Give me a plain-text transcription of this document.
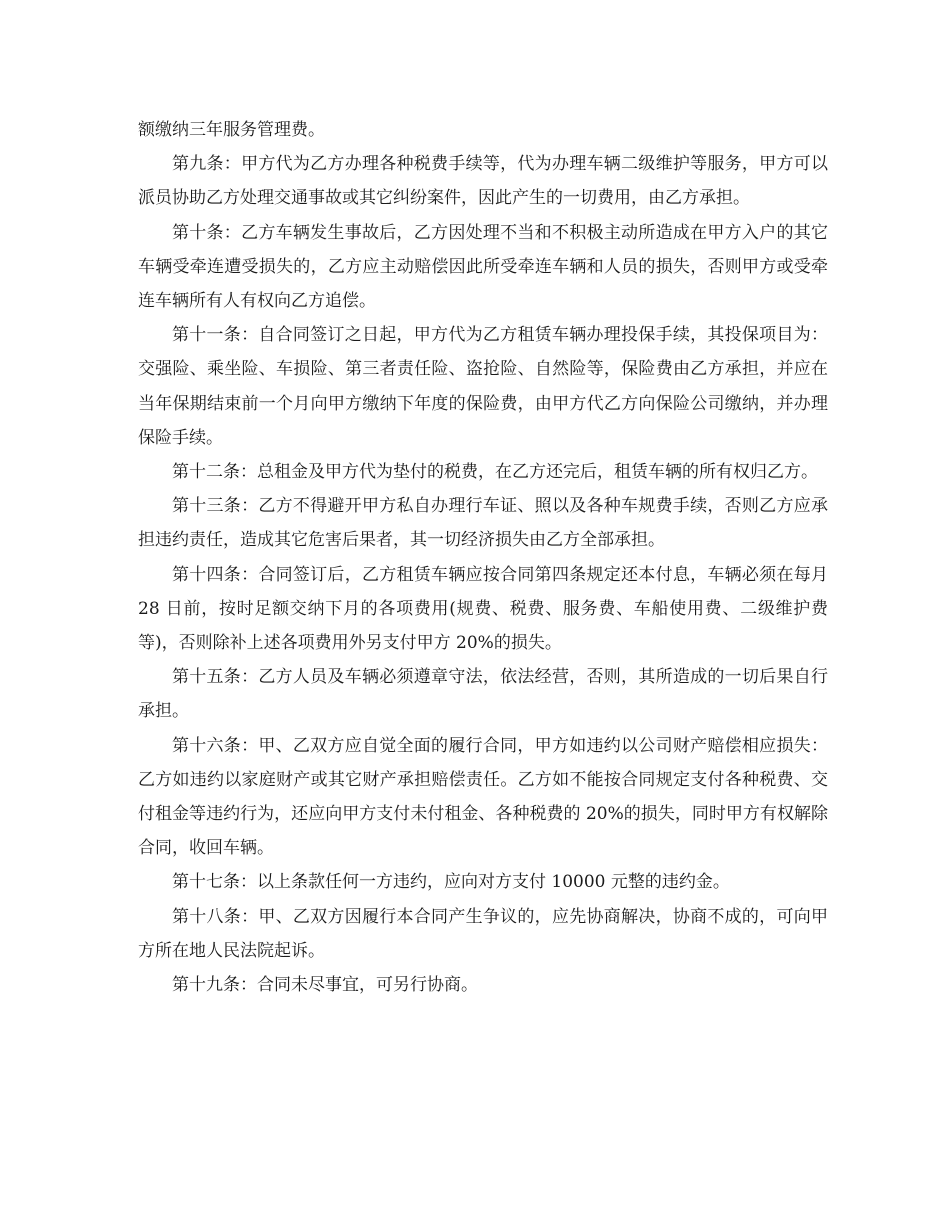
额缴纳三年服务管理费。

第九条：甲方代为乙方办理各种税费手续等，代为办理车辆二级维护等服务，甲方可以派员协助乙方处理交通事故或其它纠纷案件，因此产生的一切费用，由乙方承担。

第十条：乙方车辆发生事故后，乙方因处理不当和不积极主动所造成在甲方入户的其它车辆受牵连遭受损失的，乙方应主动赔偿因此所受牵连车辆和人员的损失，否则甲方或受牵连车辆所有人有权向乙方追偿。

第十一条：自合同签订之日起，甲方代为乙方租赁车辆办理投保手续，其投保项目为：交强险、乘坐险、车损险、第三者责任险、盗抢险、自然险等，保险费由乙方承担，并应在当年保期结束前一个月向甲方缴纳下年度的保险费，由甲方代乙方向保险公司缴纳，并办理保险手续。

第十二条：总租金及甲方代为垫付的税费，在乙方还完后，租赁车辆的所有权归乙方。

第十三条：乙方不得避开甲方私自办理行车证、照以及各种车规费手续，否则乙方应承担违约责任，造成其它危害后果者，其一切经济损失由乙方全部承担。

第十四条：合同签订后，乙方租赁车辆应按合同第四条规定还本付息，车辆必须在每月 28 日前，按时足额交纳下月的各项费用(规费、税费、服务费、车船使用费、二级维护费等)，否则除补上述各项费用外另支付甲方 20%的损失。

第十五条：乙方人员及车辆必须遵章守法，依法经营，否则，其所造成的一切后果自行承担。

第十六条：甲、乙双方应自觉全面的履行合同，甲方如违约以公司财产赔偿相应损失：乙方如违约以家庭财产或其它财产承担赔偿责任。乙方如不能按合同规定支付各种税费、交付租金等违约行为，还应向甲方支付未付租金、各种税费的 20%的损失，同时甲方有权解除合同，收回车辆。

第十七条：以上条款任何一方违约，应向对方支付 10000 元整的违约金。

第十八条：甲、乙双方因履行本合同产生争议的，应先协商解决，协商不成的，可向甲方所在地人民法院起诉。

第十九条：合同未尽事宜，可另行协商。
